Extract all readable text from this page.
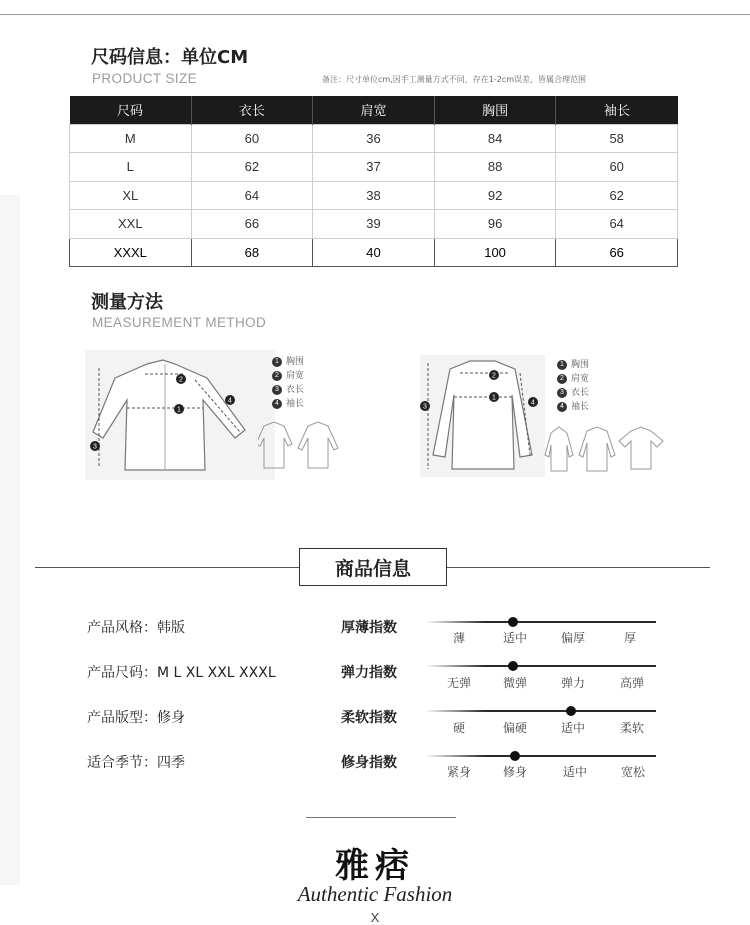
尺码信息：单位CM
PRODUCT SIZE	备注：尺寸单位cm,因手工测量方式不同，存在1-2cm误差，皆属合理范围
尺码	衣长	肩宽	胸围	袖长
M	60	36	84	58
L	62	37	88	60
XL	64	38	92	62
XXL	66	39	96	64
XXXL	68	40	100	66
测量方法
MEASUREMENT METHOD
1
2
3
4
1 胸围
2 肩宽
3 衣长
4 袖长
1
2
3
4
1 胸围
2 肩宽
3 衣长
4 袖长
商品信息
产品风格：韩版
产品尺码：M L XL XXL XXXL
产品版型：修身
适合季节：四季
厚薄指数
薄	适中	偏厚	厚
弹力指数
无弹	微弹	弹力	高弹
柔软指数
硬	偏硬	适中	柔软
修身指数
紧身	修身	适中	宽松
雅痞
Authentic Fashion
X
